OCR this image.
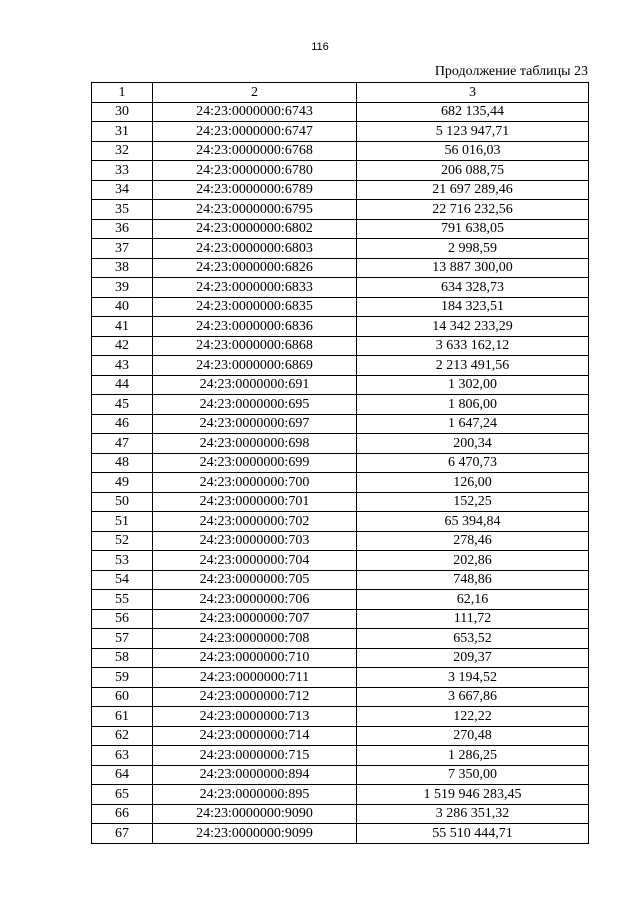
116
Продолжение таблицы 23
1	2	3
30	24:23:0000000:6743	682 135,44
31	24:23:0000000:6747	5 123 947,71
32	24:23:0000000:6768	56 016,03
33	24:23:0000000:6780	206 088,75
34	24:23:0000000:6789	21 697 289,46
35	24:23:0000000:6795	22 716 232,56
36	24:23:0000000:6802	791 638,05
37	24:23:0000000:6803	2 998,59
38	24:23:0000000:6826	13 887 300,00
39	24:23:0000000:6833	634 328,73
40	24:23:0000000:6835	184 323,51
41	24:23:0000000:6836	14 342 233,29
42	24:23:0000000:6868	3 633 162,12
43	24:23:0000000:6869	2 213 491,56
44	24:23:0000000:691	1 302,00
45	24:23:0000000:695	1 806,00
46	24:23:0000000:697	1 647,24
47	24:23:0000000:698	200,34
48	24:23:0000000:699	6 470,73
49	24:23:0000000:700	126,00
50	24:23:0000000:701	152,25
51	24:23:0000000:702	65 394,84
52	24:23:0000000:703	278,46
53	24:23:0000000:704	202,86
54	24:23:0000000:705	748,86
55	24:23:0000000:706	62,16
56	24:23:0000000:707	111,72
57	24:23:0000000:708	653,52
58	24:23:0000000:710	209,37
59	24:23:0000000:711	3 194,52
60	24:23:0000000:712	3 667,86
61	24:23:0000000:713	122,22
62	24:23:0000000:714	270,48
63	24:23:0000000:715	1 286,25
64	24:23:0000000:894	7 350,00
65	24:23:0000000:895	1 519 946 283,45
66	24:23:0000000:9090	3 286 351,32
67	24:23:0000000:9099	55 510 444,71
